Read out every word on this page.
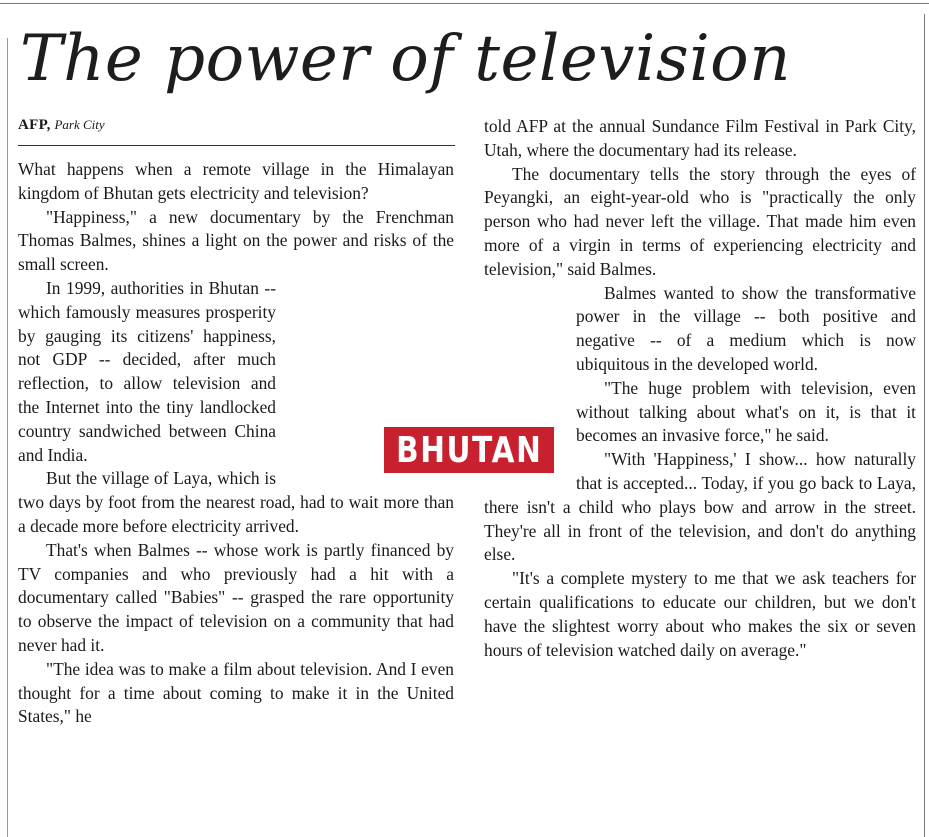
The power of television
AFP, Park City

What happens when a remote village in the Himalayan kingdom of Bhutan gets electricity and television?

"Happiness," a new documentary by the Frenchman Thomas Balmes, shines a light on the power and risks of the small screen.

In 1999, authorities in Bhutan -- which famously measures prosperity by gauging its citizens' happiness, not GDP -- decided, after much reflection, to allow television and the Internet into the tiny landlocked country sandwiched between China and India.

But the village of Laya, which is two days by foot from the nearest road, had to wait more than a decade more before electricity arrived.

That's when Balmes -- whose work is partly financed by TV companies and who previously had a hit with a documentary called "Babies" -- grasped the rare opportunity to observe the impact of television on a community that had never had it.

"The idea was to make a film about television. And I even thought for a time about coming to make it in the United States," he

told AFP at the annual Sundance Film Festival in Park City, Utah, where the documentary had its release.

The documentary tells the story through the eyes of Peyangki, an eight-year-old who is "practically the only person who had never left the village. That made him even more of a virgin in terms of experiencing electricity and television," said Balmes.

Balmes wanted to show the transformative power in the village -- both positive and negative -- of a medium which is now ubiquitous in the developed world.

"The huge problem with television, even without talking about what's on it, is that it becomes an invasive force," he said.

"With 'Happiness,' I show... how naturally that is accepted... Today, if you go back to Laya, there isn't a child who plays bow and arrow in the street. They're all in front of the television, and don't do anything else.

"It's a complete mystery to me that we ask teachers for certain qualifications to educate our children, but we don't have the slightest worry about who makes the six or seven hours of television watched daily on average."

BHUTAN
